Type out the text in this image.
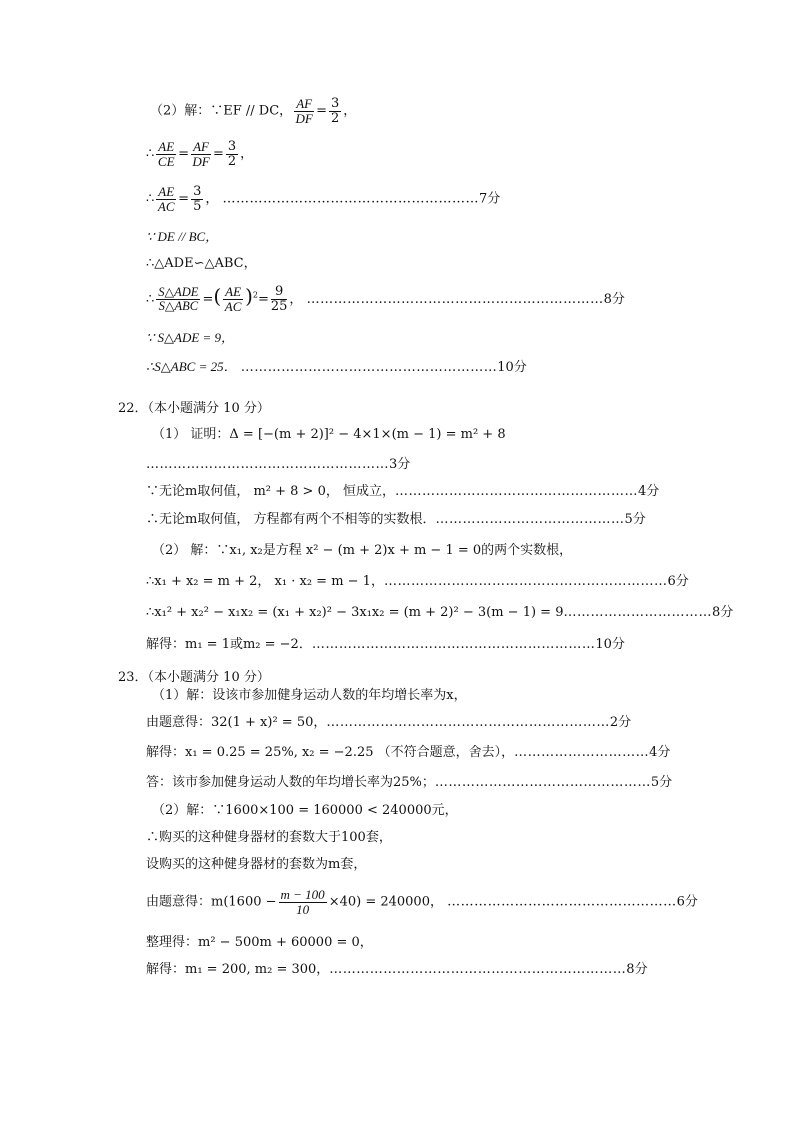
（2）解：∵EF // DC， $\frac{AF}{DF} = \frac{3}{2}$ ，
∴ $\frac{AE}{CE} = \frac{AF}{DF} = \frac{3}{2}$ ，
∴ $\frac{AE}{AC} = \frac{3}{5}$ ， …………………………………………………7分
∵ DE // BC，
∴△ADE∽△ABC，
∴ $\frac{\text{S△ADE}}{\text{S△ABC}}$ =( $\frac{AE}{AC} )^2= \frac{9}{25}$ ， …………………………………………………………8分
∵ S△ADE = 9，
∴S△ABC = 25． …………………………………………………10分
22．（本小题满分 10 分）
（1） 证明：Δ = [−(m + 2)]² − 4×1×(m − 1) = m² + 8
………………………………………………3分
∵无论m取何值， m² + 8 > 0， 恒成立，………………………………………………4分
∴无论m取何值， 方程都有两个不相等的实数根．……………………………………5分
（2） 解：∵x₁, x₂是方程 x² − (m + 2)x + m − 1 = 0的两个实数根，
∴x₁ + x₂ = m + 2， x₁ · x₂ = m − 1，………………………………………………………6分
∴x₁² + x₂² − x₁x₂ = (x₁ + x₂)² − 3x₁x₂ = (m + 2)² − 3(m − 1) = 9……………………………8分
解得：m₁ = 1或m₂ = −2．………………………………………………………10分
23．（本小题满分 10 分）
（1）解：设该市参加健身运动人数的年均增长率为x，
由题意得：32(1 + x)² = 50，………………………………………………………2分
解得：x₁ = 0.25 = 25%, x₂ = −2.25 （不符合题意，舍去），…………………………4分
答：该市参加健身运动人数的年均增长率为25%；…………………………………………5分
（2）解：∵1600×100 = 160000 < 240000元，
∴购买的这种健身器材的套数大于100套，
设购买的这种健身器材的套数为m套，
由题意得：$m(1600 - \frac{m - 100}{10} \times 40) = 240000$， ……………………………………………6分
整理得：m² − 500m + 60000 = 0，
解得：m₁ = 200, m₂ = 300，…………………………………………………………8分
